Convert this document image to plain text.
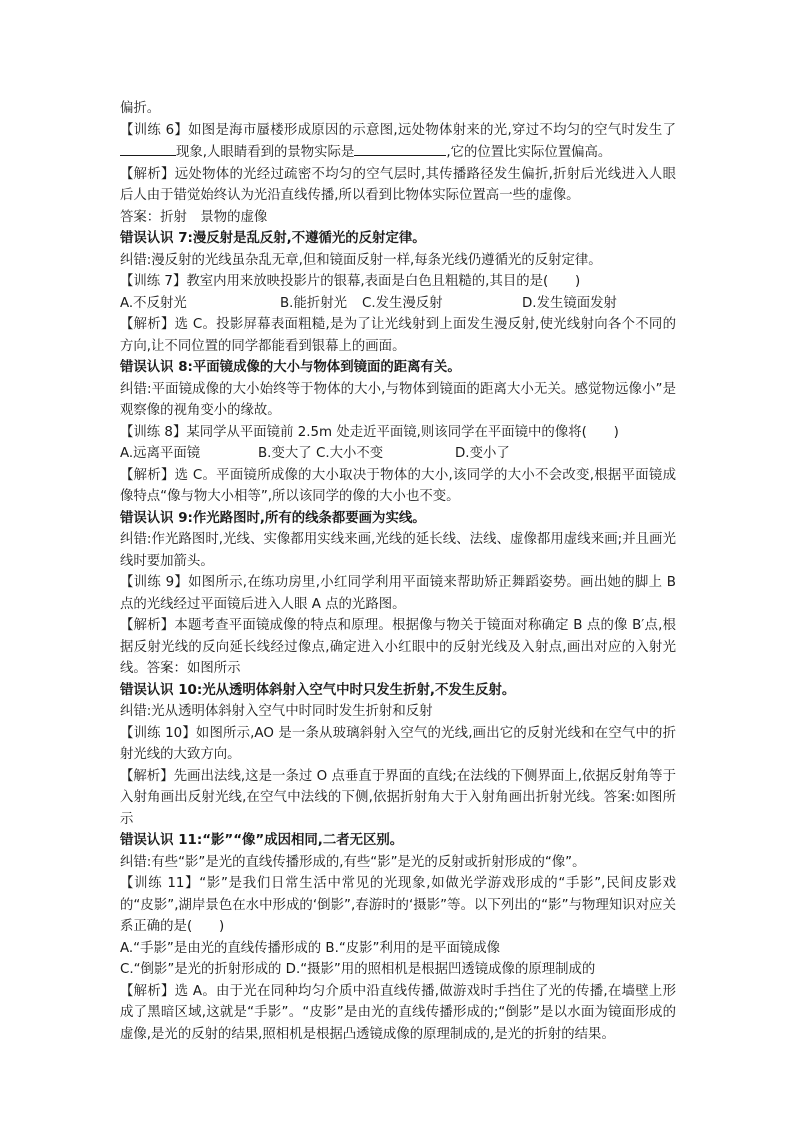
偏折。

【训练 6】如图是海市蜃楼形成原因的示意图,远处物体射来的光,穿过不均匀的空气时发生了现象,人眼睛看到的景物实际是	,它的位置比实际位置偏高。

【解析】远处物体的光经过疏密不均匀的空气层时,其传播路径发生偏折,折射后光线进入人眼后人由于错觉始终认为光沿直线传播,所以看到比物体实际位置高一些的虚像。

答案：折射　景物的虚像

错误认识 7:漫反射是乱反射,不遵循光的反射定律。

纠错:漫反射的光线虽杂乱无章,但和镜面反射一样,每条光线仍遵循光的反射定律。

【训练 7】教室内用来放映投影片的银幕,表面是白色且粗糙的,其目的是(　　)

A.不反射光	B.能折射光	C.发生漫反射	D.发生镜面发射

【解析】选 C。投影屏幕表面粗糙,是为了让光线射到上面发生漫反射,使光线射向各个不同的方向,让不同位置的同学都能看到银幕上的画面。

错误认识 8:平面镜成像的大小与物体到镜面的距离有关。

纠错:平面镜成像的大小始终等于物体的大小,与物体到镜面的距离大小无关。感觉物远像小”是观察像的视角变小的缘故。

【训练 8】某同学从平面镜前 2.5m 处走近平面镜,则该同学在平面镜中的像将(　　)

A.远离平面镜	B.变大了 C.大小不变	D.变小了

【解析】选 C。平面镜所成像的大小取决于物体的大小,该同学的大小不会改变,根据平面镜成像特点“像与物大小相等”,所以该同学的像的大小也不变。

错误认识 9:作光路图时,所有的线条都要画为实线。

纠错:作光路图时,光线、实像都用实线来画,光线的延长线、法线、虚像都用虚线来画;并且画光线时要加箭头。

【训练 9】如图所示,在练功房里,小红同学利用平面镜来帮助矫正舞蹈姿势。画出她的脚上 B 点的光线经过平面镜后进入人眼 A 点的光路图。

【解析】本题考查平面镜成像的特点和原理。根据像与物关于镜面对称确定 B 点的像 B′点,根据反射光线的反向延长线经过像点,确定进入小红眼中的反射光线及入射点,画出对应的入射光线。答案：如图所示

错误认识 10:光从透明体斜射入空气中时只发生折射,不发生反射。

纠错:光从透明体斜射入空气中时同时发生折射和反射

【训练 10】如图所示,AO 是一条从玻璃斜射入空气的光线,画出它的反射光线和在空气中的折射光线的大致方向。

【解析】先画出法线,这是一条过 O 点垂直于界面的直线;在法线的下侧界面上,依据反射角等于入射角画出反射光线,在空气中法线的下侧,依据折射角大于入射角画出折射光线。答案:如图所示

错误认识 11:“影”“像”成因相同,二者无区别。

纠错:有些“影”是光的直线传播形成的,有些“影”是光的反射或折射形成的“像”。

【训练 11】“影”是我们日常生活中常见的光现象,如做光学游戏形成的“手影”,民间皮影戏的“皮影”,湖岸景色在水中形成的‘倒影”,春游时的‘摄影”等。以下列出的“影”与物理知识对应关系正确的是(　　)

A.“手影”是由光的直线传播形成的 B.“皮影”利用的是平面镜成像

C.“倒影”是光的折射形成的 D.“摄影”用的照相机是根据凹透镜成像的原理制成的

【解析】选 A。由于光在同种均匀介质中沿直线传播,做游戏时手挡住了光的传播,在墙壁上形成了黑暗区域,这就是“手影”。“皮影”是由光的直线传播形成的;“倒影”是以水面为镜面形成的虚像,是光的反射的结果,照相机是根据凸透镜成像的原理制成的,是光的折射的结果。
